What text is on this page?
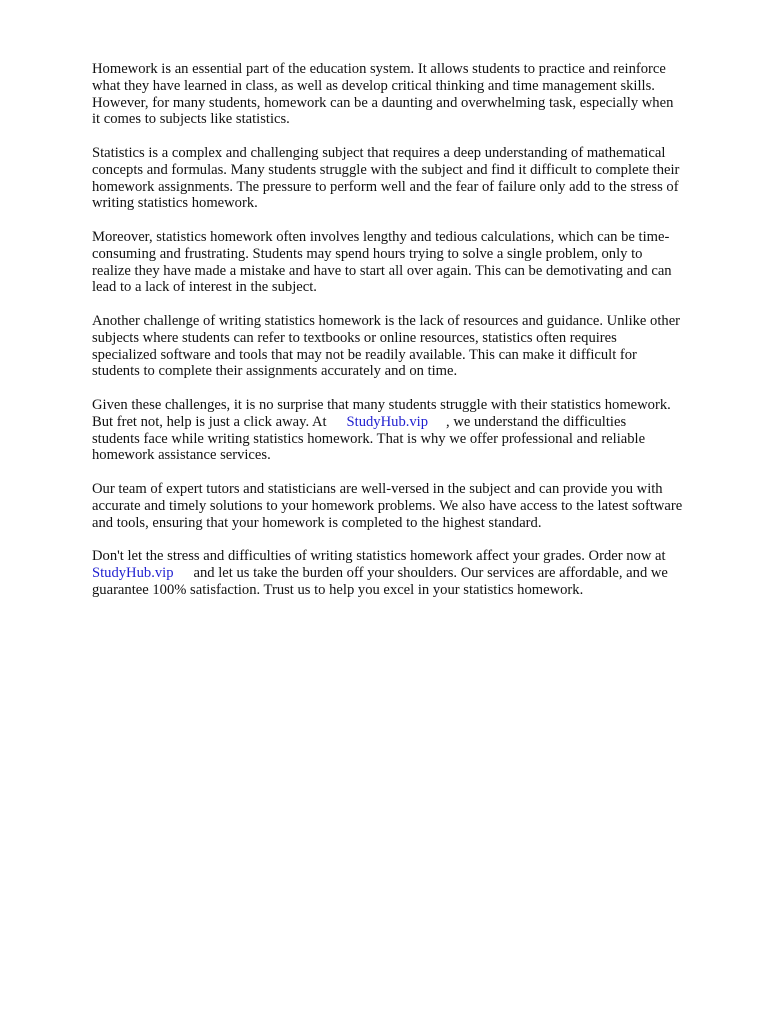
Homework is an essential part of the education system. It allows students to practice and reinforce
what they have learned in class, as well as develop critical thinking and time management skills.
However, for many students, homework can be a daunting and overwhelming task, especially when
it comes to subjects like statistics.

Statistics is a complex and challenging subject that requires a deep understanding of mathematical
concepts and formulas. Many students struggle with the subject and find it difficult to complete their
homework assignments. The pressure to perform well and the fear of failure only add to the stress of
writing statistics homework.

Moreover, statistics homework often involves lengthy and tedious calculations, which can be time-
consuming and frustrating. Students may spend hours trying to solve a single problem, only to
realize they have made a mistake and have to start all over again. This can be demotivating and can
lead to a lack of interest in the subject.

Another challenge of writing statistics homework is the lack of resources and guidance. Unlike other
subjects where students can refer to textbooks or online resources, statistics often requires
specialized software and tools that may not be readily available. This can make it difficult for
students to complete their assignments accurately and on time.

Given these challenges, it is no surprise that many students struggle with their statistics homework.
But fret not, help is just a click away. At StudyHub.vip , we understand the difficulties
students face while writing statistics homework. That is why we offer professional and reliable
homework assistance services.

Our team of expert tutors and statisticians are well-versed in the subject and can provide you with
accurate and timely solutions to your homework problems. We also have access to the latest software
and tools, ensuring that your homework is completed to the highest standard.

Don't let the stress and difficulties of writing statistics homework affect your grades. Order now at
StudyHub.vip and let us take the burden off your shoulders. Our services are affordable, and we
guarantee 100% satisfaction. Trust us to help you excel in your statistics homework.
